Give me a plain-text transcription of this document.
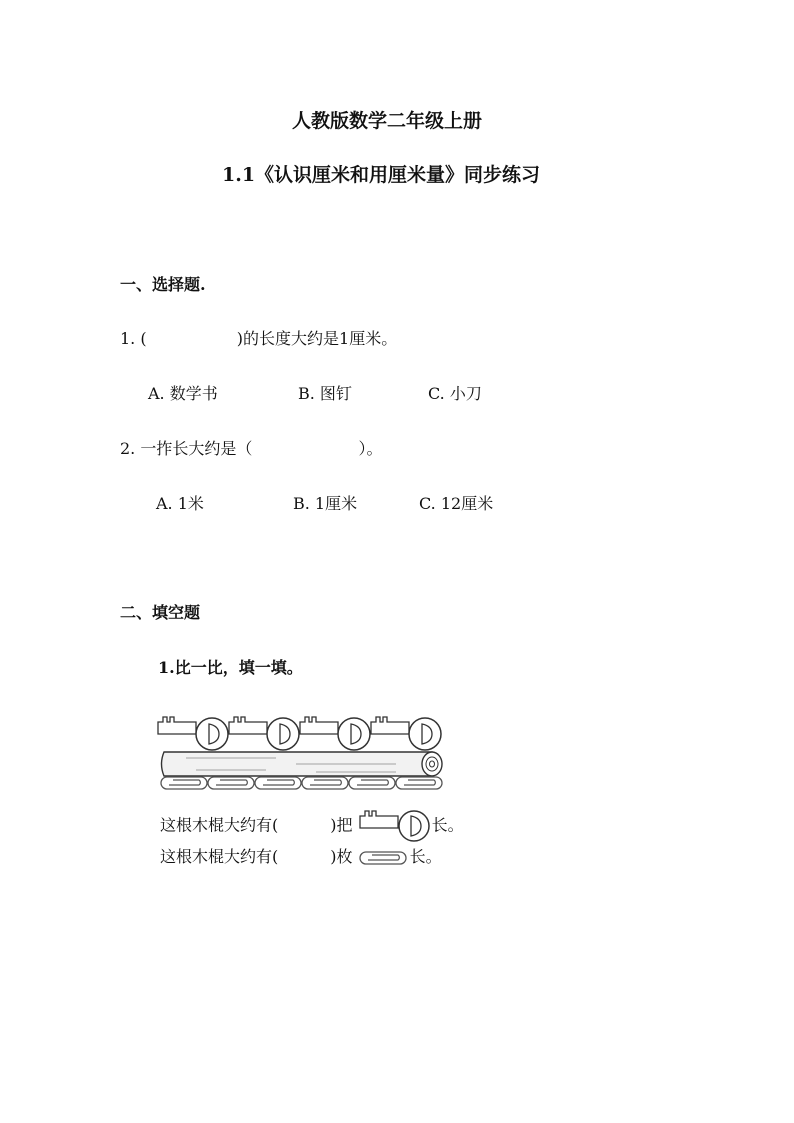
人教版数学二年级上册
1.1《认识厘米和用厘米量》同步练习
一、选择题.
1. (	)的长度大约是1厘米。
A. 数学书	B. 图钉	C. 小刀
2. 一拃长大约是（	）。
A. 1米	B. 1厘米	C. 12厘米
二、填空题
1.比一比，填一填。
这根木棍大约有(	)把	长。
这根木棍大约有(	)枚	长。
